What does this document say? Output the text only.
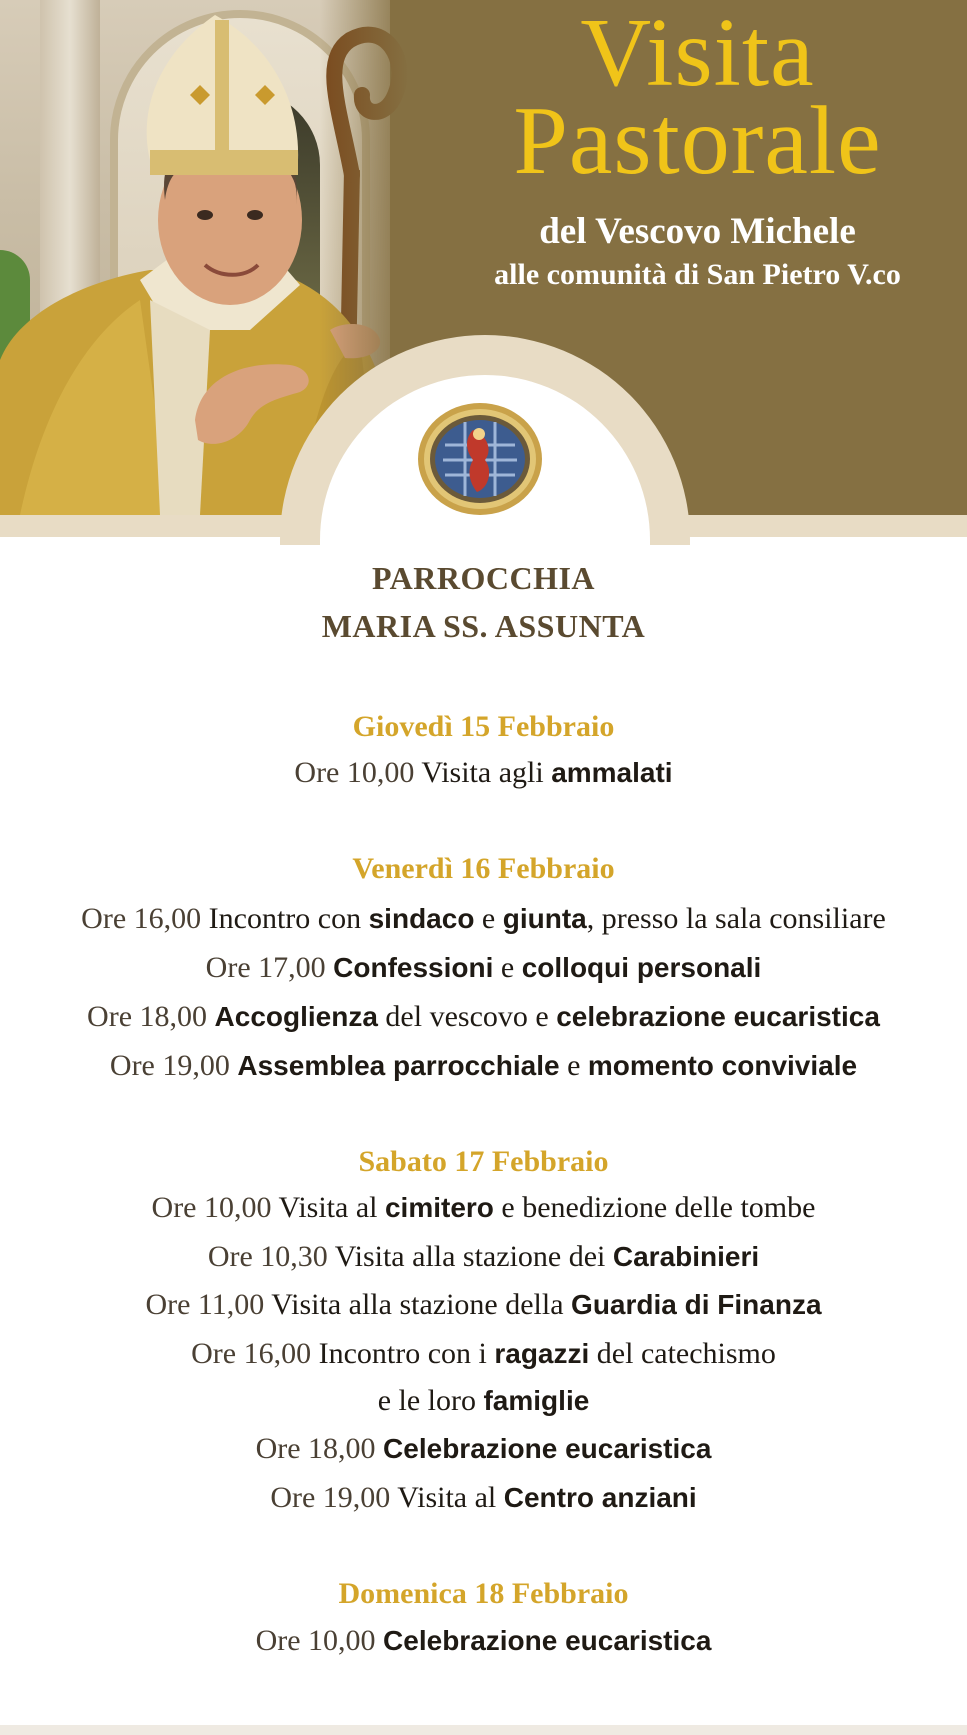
Visita
Pastorale
del Vescovo Michele
alle comunità di San Pietro V.co
PARROCCHIA
MARIA SS. ASSUNTA
Giovedì 15 Febbraio
Ore 10,00 Visita agli ammalati
Venerdì 16 Febbraio
Ore 16,00 Incontro con sindaco e giunta, presso la sala consiliare
Ore 17,00 Confessioni e colloqui personali
Ore 18,00 Accoglienza del vescovo e celebrazione eucaristica
Ore 19,00 Assemblea parrocchiale e momento conviviale
Sabato 17 Febbraio
Ore 10,00 Visita al cimitero e benedizione delle tombe
Ore 10,30 Visita alla stazione dei Carabinieri
Ore 11,00 Visita alla stazione della Guardia di Finanza
Ore 16,00 Incontro con i ragazzi del catechismo
e le loro famiglie
Ore 18,00 Celebrazione eucaristica
Ore 19,00 Visita al Centro anziani
Domenica 18 Febbraio
Ore 10,00 Celebrazione eucaristica
